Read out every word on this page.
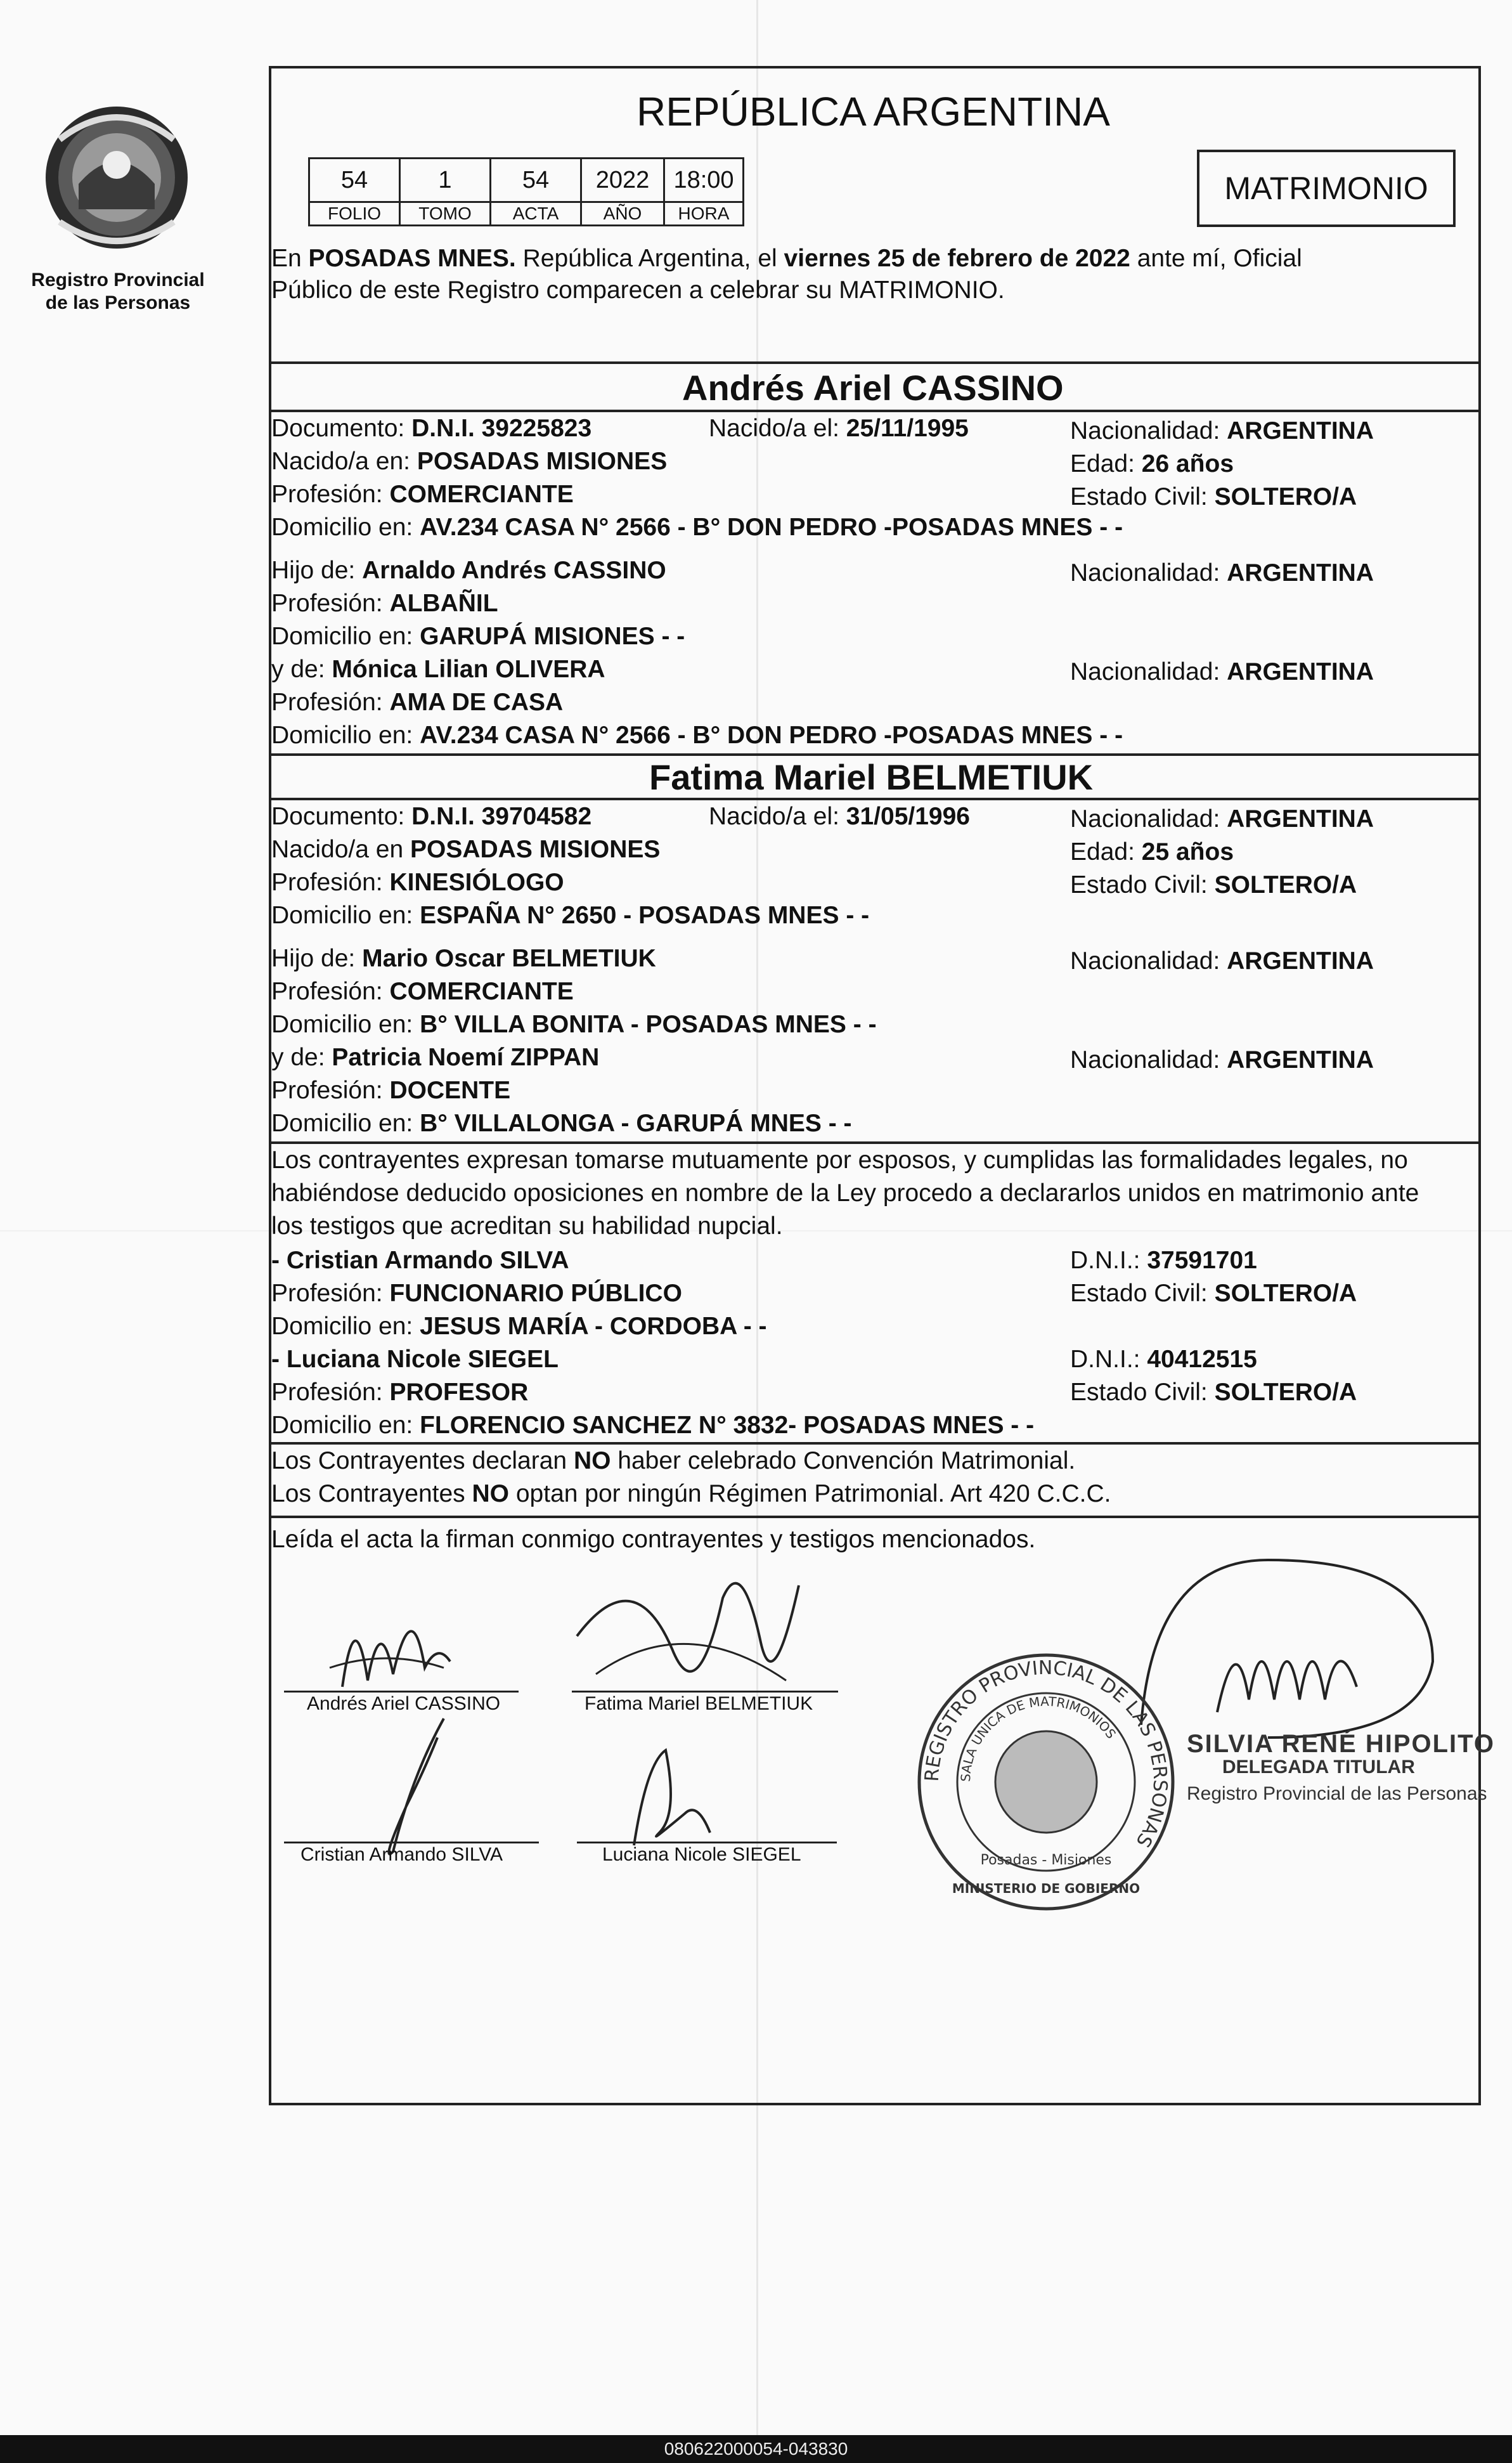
Registro Provincial
de las Personas
REPÚBLICA ARGENTINA
54	1	54	2022	18:00
FOLIO	TOMO	ACTA	AÑO	HORA
MATRIMONIO
En POSADAS MNES. República Argentina, el viernes 25 de febrero de 2022 ante mí, Oficial
Público de este Registro comparecen a celebrar su MATRIMONIO.
Andrés Ariel CASSINO
Documento: D.N.I. 39225823	Nacido/a el: 25/11/1995	Nacionalidad: ARGENTINA
Nacido/a en: POSADAS MISIONES	Edad: 26 años
Profesión: COMERCIANTE	Estado Civil: SOLTERO/A
Domicilio en: AV.234 CASA N° 2566 - B° DON PEDRO -POSADAS MNES - -
Hijo de: Arnaldo Andrés CASSINO	Nacionalidad: ARGENTINA
Profesión: ALBAÑIL
Domicilio en: GARUPÁ MISIONES - -
y de: Mónica Lilian OLIVERA	Nacionalidad: ARGENTINA
Profesión: AMA DE CASA
Domicilio en: AV.234 CASA N° 2566 - B° DON PEDRO -POSADAS MNES - -
Fatima Mariel BELMETIUK
Documento: D.N.I. 39704582	Nacido/a el: 31/05/1996	Nacionalidad: ARGENTINA
Nacido/a en POSADAS MISIONES	Edad: 25 años
Profesión: KINESIÓLOGO	Estado Civil: SOLTERO/A
Domicilio en: ESPAÑA N° 2650 - POSADAS MNES - -
Hijo de: Mario Oscar BELMETIUK	Nacionalidad: ARGENTINA
Profesión: COMERCIANTE
Domicilio en: B° VILLA BONITA - POSADAS MNES - -
y de: Patricia Noemí ZIPPAN	Nacionalidad: ARGENTINA
Profesión: DOCENTE
Domicilio en: B° VILLALONGA - GARUPÁ MNES - -
Los contrayentes expresan tomarse mutuamente por esposos, y cumplidas las formalidades legales, no
habiéndose deducido oposiciones en nombre de la Ley procedo a declararlos unidos en matrimonio ante
los testigos que acreditan su habilidad nupcial.
- Cristian Armando SILVA	D.N.I.: 37591701
Profesión: FUNCIONARIO PÚBLICO	Estado Civil: SOLTERO/A
Domicilio en: JESUS MARÍA - CORDOBA - -
- Luciana Nicole SIEGEL	D.N.I.: 40412515
Profesión: PROFESOR	Estado Civil: SOLTERO/A
Domicilio en: FLORENCIO SANCHEZ N° 3832- POSADAS MNES - -
Los Contrayentes declaran NO haber celebrado Convención Matrimonial.
Los Contrayentes NO optan por ningún Régimen Patrimonial. Art 420 C.C.C.
Leída el acta la firman conmigo contrayentes y testigos mencionados.
Andrés Ariel CASSINO	Fatima Mariel BELMETIUK
Cristian Armando SILVA	Luciana Nicole SIEGEL
REGISTRO PROVINCIAL DE LAS PERSONAS
SALA UNICA DE MATRIMONIOS
Posadas - Misiones
MINISTERIO DE GOBIERNO
SILVIA RENÉ HIPOLITO
DELEGADA TITULAR
Registro Provincial de las Personas
080622000054-043830
